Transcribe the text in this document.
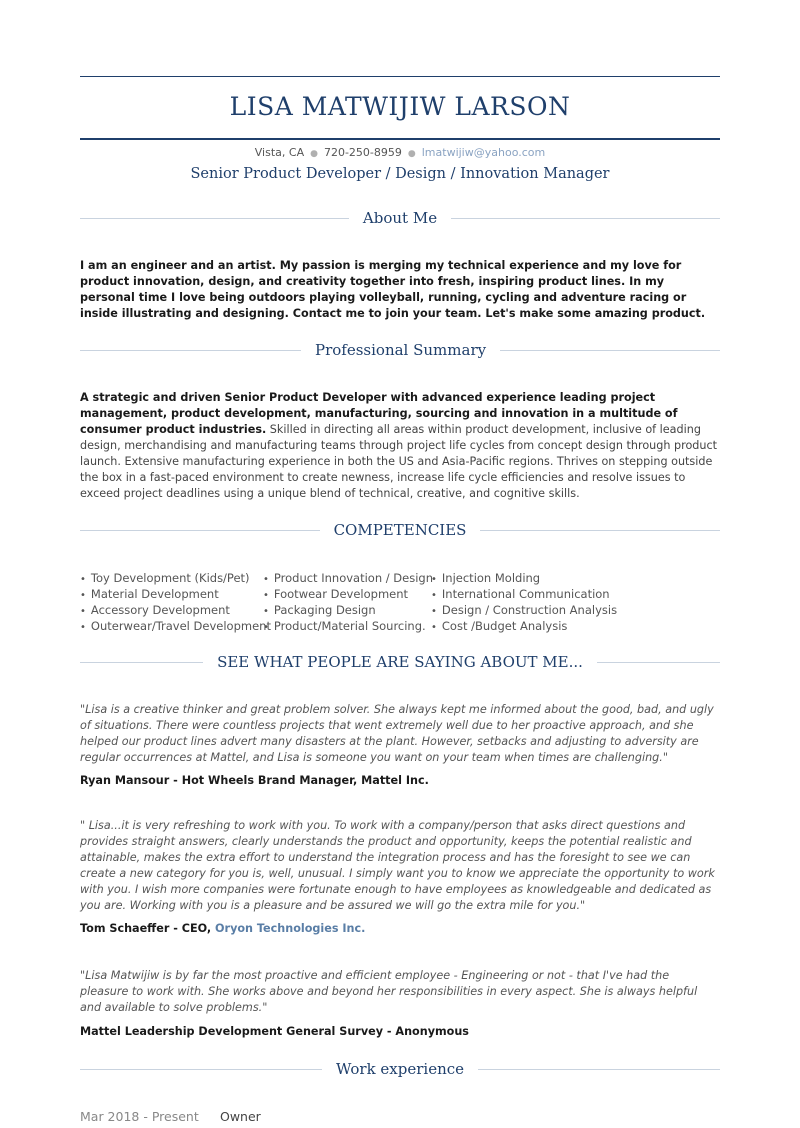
LISA MATWIJIW LARSON
Vista, CA ● 720-250-8959 ● lmatwijiw@yahoo.com
Senior Product Developer / Design / Innovation Manager
About Me
I am an engineer and an artist. My passion is merging my technical experience and my love for product innovation, design, and creativity together into fresh, inspiring product lines. In my personal time I love being outdoors playing volleyball, running, cycling and adventure racing or inside illustrating and designing. Contact me to join your team. Let's make some amazing product.
Professional Summary
A strategic and driven Senior Product Developer with advanced experience leading project management, product development, manufacturing, sourcing and innovation in a multitude of consumer product industries. Skilled in directing all areas within product development, inclusive of leading design, merchandising and manufacturing teams through project life cycles from concept design through product launch. Extensive manufacturing experience in both the US and Asia-Pacific regions. Thrives on stepping outside the box in a fast-paced environment to create newness, increase life cycle efficiencies and resolve issues to exceed project deadlines using a unique blend of technical, creative, and cognitive skills.
COMPETENCIES
• Toy Development (Kids/Pet)
• Material Development
• Accessory Development
• Outerwear/Travel Development
• Product Innovation / Design
• Footwear Development
• Packaging Design
• Product/Material Sourcing.
• Injection Molding
• International Communication
• Design / Construction Analysis
• Cost /Budget Analysis
SEE WHAT PEOPLE ARE SAYING ABOUT ME...
"Lisa is a creative thinker and great problem solver. She always kept me informed about the good, bad, and ugly of situations. There were countless projects that went extremely well due to her proactive approach, and she helped our product lines advert many disasters at the plant. However, setbacks and adjusting to adversity are regular occurrences at Mattel, and Lisa is someone you want on your team when times are challenging."
Ryan Mansour - Hot Wheels Brand Manager, Mattel Inc.
" Lisa...it is very refreshing to work with you. To work with a company/person that asks direct questions and provides straight answers, clearly understands the product and opportunity, keeps the potential realistic and attainable, makes the extra effort to understand the integration process and has the foresight to see we can create a new category for you is, well, unusual. I simply want you to know we appreciate the opportunity to work with you. I wish more companies were fortunate enough to have employees as knowledgeable and dedicated as you are. Working with you is a pleasure and be assured we will go the extra mile for you."
Tom Schaeffer - CEO, Oryon Technologies Inc.
"Lisa Matwijiw is by far the most proactive and efficient employee - Engineering or not - that I've had the pleasure to work with. She works above and beyond her responsibilities in every aspect. She is always helpful and available to solve problems."
Mattel Leadership Development General Survey - Anonymous
Work experience
Mar 2018 - Present Owner
